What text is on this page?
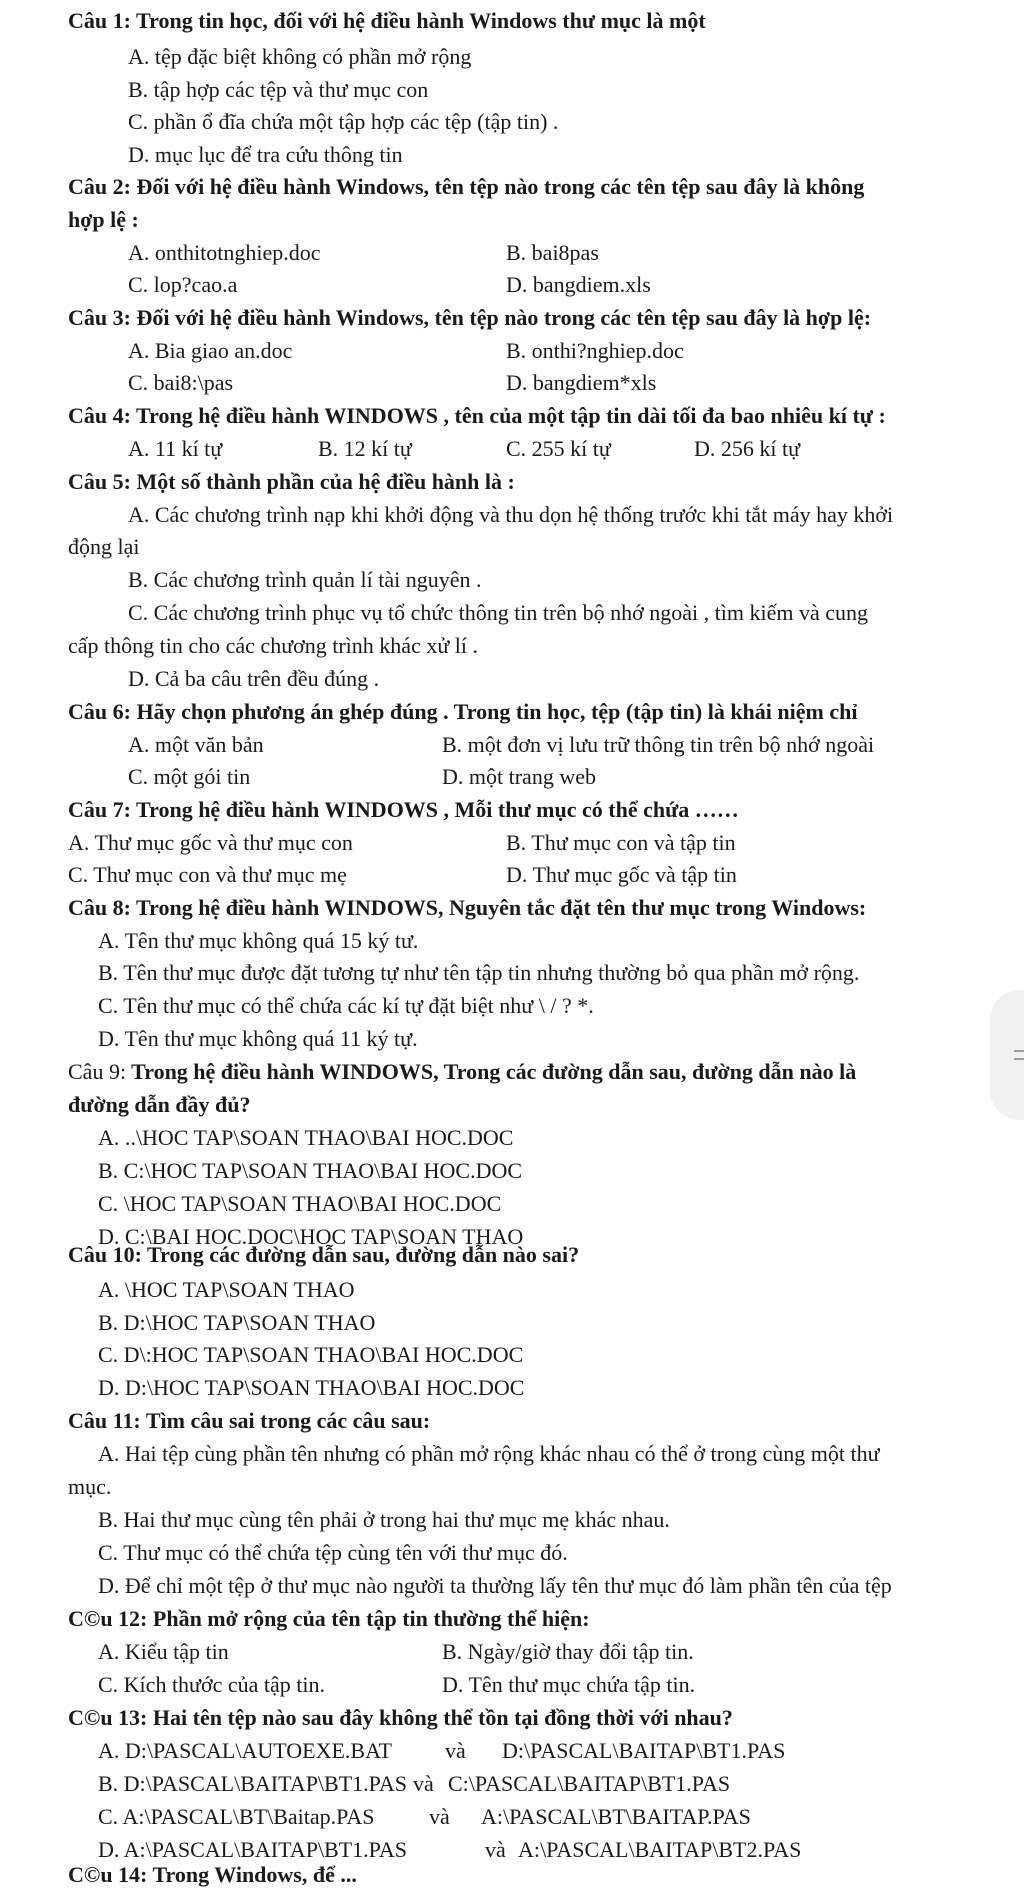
Câu 1: Trong tin học, đối với hệ điều hành Windows thư mục là một
A. tệp đặc biệt không có phần mở rộng
B. tập hợp các tệp và thư mục con
C. phần ổ đĩa chứa một tập hợp các tệp (tập tin) .
D. mục lục để tra cứu thông tin
Câu 2: Đối với hệ điều hành Windows, tên tệp nào trong các tên tệp sau đây là không
hợp lệ :
A. onthitotnghiep.doc	B. bai8pas
C. lop?cao.a	D. bangdiem.xls
Câu 3: Đối với hệ điều hành Windows, tên tệp nào trong các tên tệp sau đây là hợp lệ:
A. Bia giao an.doc	B. onthi?nghiep.doc
C. bai8:\pas	D. bangdiem*xls
Câu 4: Trong hệ điều hành WINDOWS , tên của một tập tin dài tối đa bao nhiêu kí tự :
A. 11 kí tự	B. 12 kí tự	C. 255 kí tự	D. 256 kí tự
Câu 5: Một số thành phần của hệ điều hành là :
A. Các chương trình nạp khi khởi động và thu dọn hệ thống trước khi tắt máy hay khởi
động lại
B. Các chương trình quản lí tài nguyên .
C. Các chương trình phục vụ tổ chức thông tin trên bộ nhớ ngoài , tìm kiếm và cung
cấp thông tin cho các chương trình khác xử lí .
D. Cả ba câu trên đều đúng .
Câu 6: Hãy chọn phương án ghép đúng . Trong tin học, tệp (tập tin) là khái niệm chỉ
A. một văn bản	B. một đơn vị lưu trữ thông tin trên bộ nhớ ngoài
C. một gói tin	D. một trang web
Câu 7: Trong hệ điều hành WINDOWS , Mỗi thư mục có thể chứa ……
A. Thư mục gốc và thư mục con	B. Thư mục con và tập tin
C. Thư mục con và thư mục mẹ	D. Thư mục gốc và tập tin
Câu 8: Trong hệ điều hành WINDOWS, Nguyên tắc đặt tên thư mục trong Windows:
A. Tên thư mục không quá 15 ký tư.
B. Tên thư mục được đặt tương tự như tên tập tin nhưng thường bỏ qua phần mở rộng.
C. Tên thư mục có thể chứa các kí tự đặt biệt như \ / ? *.
D. Tên thư mục không quá 11 ký tự.
Câu 9: Trong hệ điều hành WINDOWS, Trong các đường dẫn sau, đường dẫn nào là
đường dẫn đầy đủ?
A. ..\HOC TAP\SOAN THAO\BAI HOC.DOC
B. C:\HOC TAP\SOAN THAO\BAI HOC.DOC
C. \HOC TAP\SOAN THAO\BAI HOC.DOC
D. C:\BAI HOC.DOC\HOC TAP\SOAN THAO
Câu 10: Trong các đường dẫn sau, đường dẫn nào sai?
A. \HOC TAP\SOAN THAO
B. D:\HOC TAP\SOAN THAO
C. D\:HOC TAP\SOAN THAO\BAI HOC.DOC
D. D:\HOC TAP\SOAN THAO\BAI HOC.DOC
Câu 11: Tìm câu sai trong các câu sau:
A. Hai tệp cùng phần tên nhưng có phần mở rộng khác nhau có thể ở trong cùng một thư
mục.
B. Hai thư mục cùng tên phải ở trong hai thư mục mẹ khác nhau.
C. Thư mục có thể chứa tệp cùng tên với thư mục đó.
D. Để chỉ một tệp ở thư mục nào người ta thường lấy tên thư mục đó làm phần tên của tệp
C©u 12: Phần mở rộng của tên tập tin thường thể hiện:
A. Kiểu tập tin	B. Ngày/giờ thay đổi tập tin.
C. Kích thước của tập tin.	D. Tên thư mục chứa tập tin.
C©u 13: Hai tên tệp nào sau đây không thể tồn tại đồng thời với nhau?
A. D:\PASCAL\AUTOEXE.BAT và D:\PASCAL\BAITAP\BT1.PAS
B. D:\PASCAL\BAITAP\BT1.PAS và C:\PASCAL\BAITAP\BT1.PAS
C. A:\PASCAL\BT\Baitap.PAS và A:\PASCAL\BT\BAITAP.PAS
D. A:\PASCAL\BAITAP\BT1.PAS	và A:\PASCAL\BAITAP\BT2.PAS
C©u 14: Trong Windows, để ...
